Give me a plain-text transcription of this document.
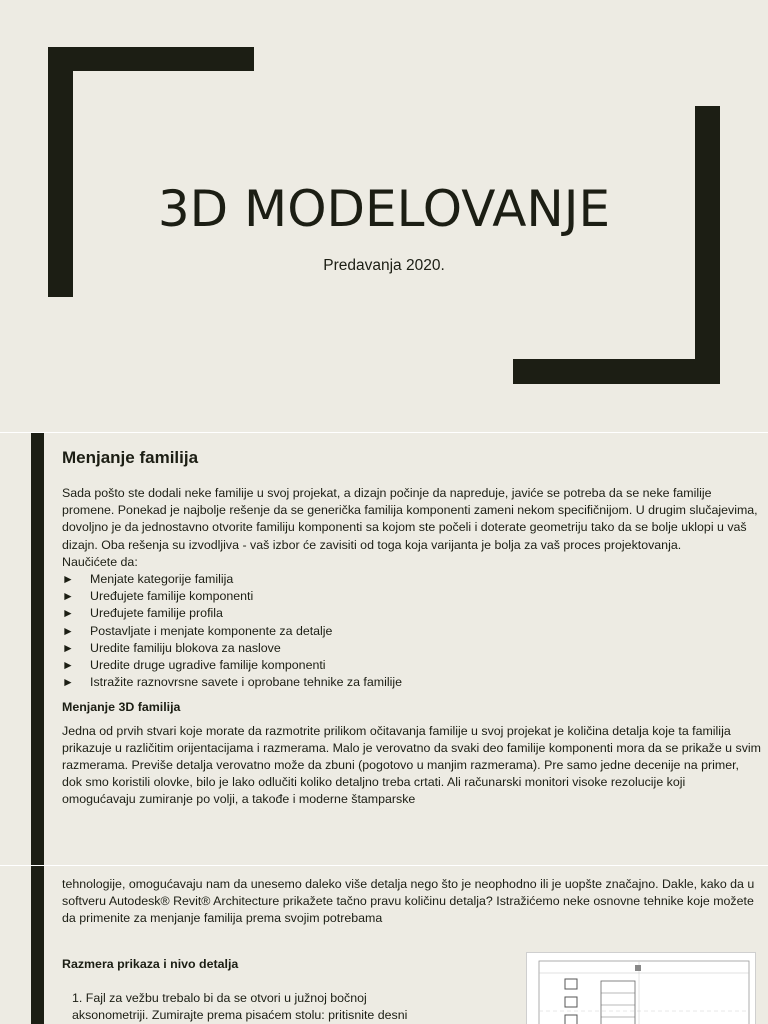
3D MODELOVANJE
Predavanja 2020.
Menjanje familija

Sada pošto ste dodali neke familije u svoj projekat, a dizajn počinje da napreduje, javiće se potreba da se neke familije promene. Ponekad je najbolje rešenje da se generička familija komponenti zameni nekom specifičnijom. U drugim slučajevima, dovoljno je da jednostavno otvorite familiju komponenti sa kojom ste počeli i doterate geometriju tako da se bolje uklopi u vaš dizajn. Oba rešenja su izvodljiva - vaš izbor će zavisiti od toga koja varijanta je bolja za vaš proces projektovanja.

Naučićete da:

►	Menjate kategorije familija
►	Uređujete familije komponenti
►	Uređujete familije profila
►	Postavljate i menjate komponente za detalje
►	Uredite familiju blokova za naslove
►	Uredite druge ugradive familije komponenti
►	Istražite raznovrsne savete i oprobane tehnike za familije

Menjanje 3D familija

Jedna od prvih stvari koje morate da razmotrite prilikom očitavanja familije u svoj projekat je količina detalja koje ta familija prikazuje u različitim orijentacijama i razmerama. Malo je verovatno da svaki deo familije komponenti mora da se prikaže u svim razmerama. Previše detalja verovatno može da zbuni (pogotovo u manjim razmerama). Pre samo jedne decenije na primer, dok smo koristili olovke, bilo je lako odlučiti koliko detaljno treba crtati. Ali računarski monitori visoke rezolucije koji omogućavaju zumiranje po volji, a takođe i moderne štamparske

tehnologije, omogućavaju nam da unesemo daleko više detalja nego što je neophodno ili je uopšte značajno. Dakle, kako da u softveru Autodesk® Revit® Architecture prikažete tačno pravu količinu detalja? Istražićemo neke osnovne tehnike koje možete da primenite za menjanje familija prema svojim potrebama

Razmera prikaza i nivo detalja

1. Fajl za vežbu trebalo bi da se otvori u južnoj bočnoj aksonometriji. Zumirajte prema pisaćem stolu: pritisnite desni
